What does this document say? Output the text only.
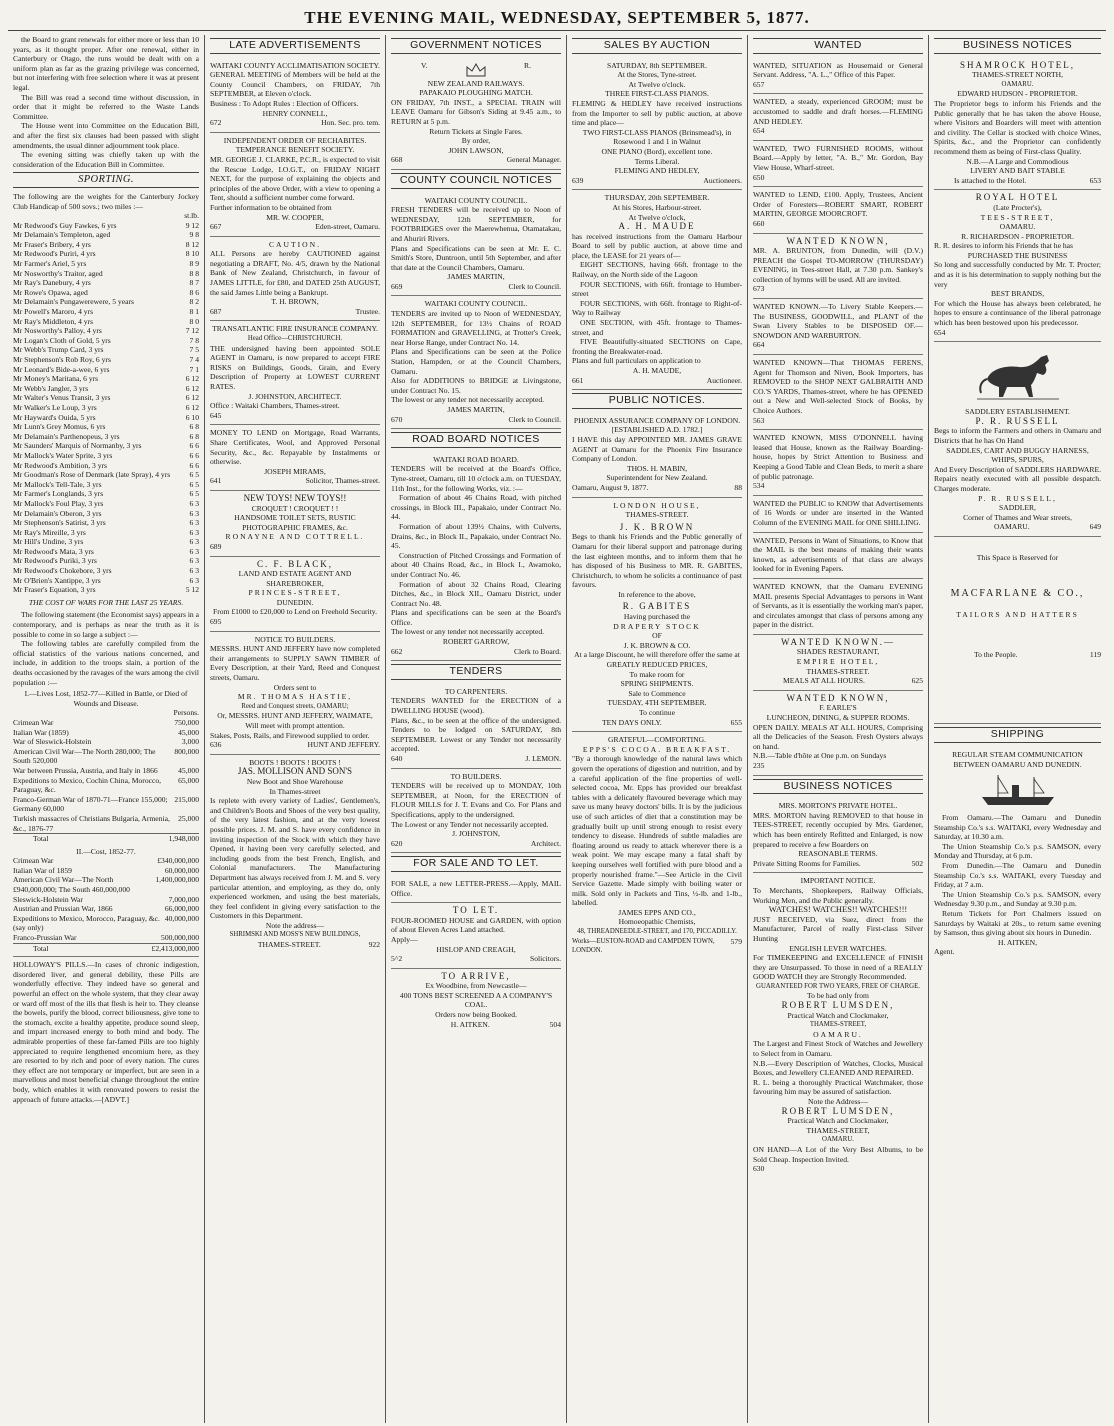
THE EVENING MAIL, WEDNESDAY, SEPTEMBER 5, 1877.

the Board to grant renewals for either more or less than 10 years, as it thought proper. After one renewal, either in Canterbury or Otago, the runs would be dealt with on a uniform plan as far as the grazing privilege was concerned, but not interfering with free selection where it was at present legal.

The Bill was read a second time without discussion, in order that it might be referred to the Waste Lands Committee.

The House went into Committee on the Education Bill, and after the first six clauses had been passed with slight amendments, the usual dinner adjournment took place.

The evening sitting was chiefly taken up with the consideration of the Education Bill in Committee.

SPORTING.

The following are the weights for the Canterbury Jockey Club Handicap of 500 sovs.; two miles :—

st.lb.
Mr Redwood's Guy Fawkes, 6 yrs	9 12
Mr Delamain's Templeton, aged	9 8
Mr Fraser's Bribery, 4 yrs	8 12
Mr Redwood's Puriri, 4 yrs	8 10
Mr Farmer's Ariel, 5 yrs	8 9
Mr Nosworthy's Traitor, aged	8 8
Mr Ray's Danebury, 4 yrs	8 7
Mr Rowe's Opawa, aged	8 6
Mr Delamain's Pungawerewere, 5 years	8 2
Mr Powell's Maroro, 4 yrs	8 1
Mr Ray's Middleton, 4 yrs	8 0
Mr Nosworthy's Palloy, 4 yrs	7 12
Mr Logan's Cloth of Gold, 5 yrs	7 8
Mr Webb's Trump Card, 3 yrs	7 5
Mr Stephenson's Rob Roy, 6 yrs	7 4
Mr Leonard's Bide-a-wee, 6 yrs	7 1
Mr Money's Maritana, 6 yrs	6 12
Mr Webb's Jangler, 3 yrs	6 12
Mr Walter's Venus Transit, 3 yrs	6 12
Mr Walker's Le Loup, 3 yrs	6 12
Mr Hayward's Ouida, 5 yrs	6 10
Mr Lunn's Grey Momus, 6 yrs	6 8
Mr Delamain's Parthenopeus, 3 yrs	6 8
Mr Saunders' Marquis of Normanby, 3 yrs	6 6
Mr Mallock's Water Sprite, 3 yrs	6 6
Mr Redwood's Ambition, 3 yrs	6 6
Mr Goodman's Rose of Denmark (late Spray), 4 yrs	6 5
Mr Mallock's Tell-Tale, 3 yrs	6 5
Mr Farmer's Longlands, 3 yrs	6 5
Mr Mallock's Foul Play, 3 yrs	6 3
Mr Delamain's Oberon, 3 yrs	6 3
Mr Stephenson's Satirist, 3 yrs	6 3
Mr Ray's Mireille, 3 yrs	6 3
Mr Hill's Undine, 3 yrs	6 3
Mr Redwood's Mata, 3 yrs	6 3
Mr Redwood's Puriki, 3 yrs	6 3
Mr Redwood's Chokebore, 3 yrs	6 3
Mr O'Brien's Xantippe, 3 yrs	6 3
Mr Fraser's Equation, 3 yrs	5 12
THE COST OF WARS FOR THE LAST 25 YEARS.

The following statement (the Economist says) appears in a contemporary, and is perhaps as near the truth as it is possible to come in so large a subject :—

The following tables are carefully compiled from the official statistics of the various nations concerned, and include, in addition to the troops slain, a portion of the deaths occasioned by the ravages of the wars among the civil population :—

I.—Lives Lost, 1852-77—Killed in Battle, or Died of Wounds and Disease.
Persons.
Crimean War	750,000
Italian War (1859)	45,000
War of Sleswick-Holstein	3,000
American Civil War—The North 280,000; The South 520,000
800,000
War between Prussia, Austria, and Italy in 1866	45,000
Expeditions to Mexico, Cochin China, Morocco, Paraguay, &c.
65,000
Franco-German War of 1870-71—France 155,000; Germany 60,000
215,000
Turkish massacres of Christians Bulgaria, Armenia, &c., 1876-77
25,000
Total	1,948,000
II.—Cost, 1852-77.
Crimean War	£340,000,000
Italian War of 1859	60,000,000
American Civil War—The North £940,000,000; The South 460,000,000
1,400,000,000
Sleswick-Holstein War	7,000,000
Austrian and Prussian War, 1866	66,000,000
Expeditions to Mexico, Morocco, Paraguay, &c. (say only)
40,000,000
Franco-Prussian War	500,000,000
Total	£2,413,000,000

HOLLOWAY'S PILLS.—In cases of chronic indigestion, disordered liver, and general debility, these Pills are wonderfully effective. They indeed have so general and powerful an effect on the whole system, that they clear away or ward off most of the ills that flesh is heir to. They cleanse the bowels, purify the blood, correct biliousness, give tone to the stomach, excite a healthy appetite, produce sound sleep, and impart increased energy to both mind and body. The admirable properties of these far-famed Pills are too highly appreciated to require lengthened encomium here, as they are resorted to by rich and poor of every nation. The cures they effect are not temporary or imperfect, but are seen in a marvellous and most beneficial change throughout the entire body, which enables it with renovated powers to resist the approach of future attacks.—[ADVT.]

LATE ADVERTISEMENTS

WAITAKI COUNTY ACCLIMATISATION SOCIETY.

GENERAL MEETING of Members will be held at the County Council Chambers, on FRIDAY, 7th SEPTEMBER, at Eleven o'clock.

Business : To Adopt Rules : Election of Officers.

HENRY CONNELL,

672	Hon. Sec. pro. tem.

INDEPENDENT ORDER OF RECHABITES.

TEMPERANCE BENEFIT SOCIETY.

MR. GEORGE J. CLARKE, P.C.R., is expected to visit the Rescue Lodge, I.O.G.T., on FRIDAY NIGHT NEXT, for the purpose of explaining the objects and principles of the above Order, with a view to opening a Tent, should a sufficient number come forward.

Further information to be obtained from

MR. W. COOPER,

667	Eden-street, Oamaru.

CAUTION.

ALL Persons are hereby CAUTIONED against negotiating a DRAFT, No. 4/5, drawn by the National Bank of New Zealand, Christchurch, in favour of JAMES LITTLE, for £80, and DATED 25th AUGUST, the said James Little being a Bankrupt.

T. H. BROWN,

687	Trustee.

TRANSATLANTIC FIRE INSURANCE COMPANY.

Head Office—CHRISTCHURCH.

THE undersigned having been appointed SOLE AGENT in Oamaru, is now prepared to accept FIRE RISKS on Buildings, Goods, Grain, and Every Description of Property at LOWEST CURRENT RATES.

J. JOHNSTON, ARCHITECT.

Office : Waitaki Chambers, Thames-street.

645

MONEY TO LEND on Mortgage, Road Warrants, Share Certificates, Wool, and Approved Personal Security, &c., &c. Repayable by Instalments or otherwise.

JOSEPH MIRAMS,

641	Solicitor, Thames-street.

NEW TOYS! NEW TOYS!!

CROQUET ! CROQUET ! !

HANDSOME TOILET SETS, RUSTIC PHOTOGRAPHIC FRAMES, &c.

RONAYNE AND COTTRELL.

689

C. F. BLACK,

LAND AND ESTATE AGENT AND SHAREBROKER,

PRINCES-STREET,

DUNEDIN.

From £1000 to £20,000 to Lend on Freehold Security.

695

NOTICE TO BUILDERS.

MESSRS. HUNT AND JEFFERY have now completed their arrangements to SUPPLY SAWN TIMBER of Every Description, at their Yard, Reed and Conquest streets, Oamaru.

Orders sent to

MR. THOMAS HASTIE,

Reed and Conquest streets, OAMARU;

Or, MESSRS. HUNT AND JEFFERY, WAIMATE,

Will meet with prompt attention.

Stakes, Posts, Rails, and Firewood supplied to order.

636	HUNT AND JEFFERY.

BOOTS ! BOOTS ! BOOTS !

JAS. MOLLISON AND SON'S

New Boot and Shoe Warehouse

In Thames-street

Is replete with every variety of Ladies', Gentlemen's, and Children's Boots and Shoes of the very best quality, of the very latest fashion, and at the very lowest possible prices. J. M. and S. have every confidence in inviting inspection of the Stock with which they have Opened, it having been very carefully selected, and including goods from the best French, English, and Colonial manufacturers. The Manufacturing Department has always received from J. M. and S. very particular attention, and employing, as they do, only experienced workmen, and using the best materials, they feel confident in giving every satisfaction to the Customers in this Department.

Note the address—

SHRIMSKI AND MOSS'S NEW BUILDINGS,

THAMES-STREET.	922
GOVERNMENT NOTICES
V.	R.

NEW ZEALAND RAILWAYS.

PAPAKAIO PLOUGHING MATCH.

ON FRIDAY, 7th INST., a SPECIAL TRAIN will LEAVE Oamaru for Gibson's Siding at 9.45 a.m., to RETURN at 5 p.m.

Return Tickets at Single Fares.

By order,

JOHN LAWSON,

668	General Manager.
COUNTY COUNCIL NOTICES

WAITAKI COUNTY COUNCIL.

FRESH TENDERS will be received up to Noon of WEDNESDAY, 12th SEPTEMBER, for FOOTBRIDGES over the Maerewhenua, Otamatakau, and Ahuriri Rivers.

Plans and Specifications can be seen at Mr. E. C. Smith's Store, Duntroon, until 5th September, and after that date at the Council Chambers, Oamaru.

JAMES MARTIN,

669	Clerk to Council.

WAITAKI COUNTY COUNCIL.

TENDERS are invited up to Noon of WEDNESDAY, 12th SEPTEMBER, for 13½ Chains of ROAD FORMATION and GRAVELLING, at Trotter's Creek, near Horse Range, under Contract No. 14.

Plans and Specifications can be seen at the Police Station, Hampden, or at the Council Chambers, Oamaru.

Also for ADDITIONS to BRIDGE at Livingstone, under Contract No. 15.

The lowest or any tender not necessarily accepted.

JAMES MARTIN,

670	Clerk to Council.
ROAD BOARD NOTICES

WAITAKI ROAD BOARD.

TENDERS will be received at the Board's Office, Tyne-street, Oamaru, till 10 o'clock a.m. on TUESDAY, 11th Inst., for the following Works, viz. :—

Formation of about 46 Chains Road, with pitched crossings, in Block III., Papakaio, under Contract No. 44.

Formation of about 139½ Chains, with Culverts, Drains, &c., in Block II., Papakaio, under Contract No. 45.

Construction of Pitched Crossings and Formation of about 40 Chains Road, &c., in Block I., Awamoko, under Contract No. 46.

Formation of about 32 Chains Road, Clearing Ditches, &c., in Block XII., Oamaru District, under Contract No. 48.

Plans and specifications can be seen at the Board's Office.

The lowest or any tender not necessarily accepted.

ROBERT GARROW,

662	Clerk to Board.
TENDERS

TO CARPENTERS.

TENDERS WANTED for the ERECTION of a DWELLING HOUSE (wood).

Plans, &c., to be seen at the office of the undersigned. Tenders to be lodged on SATURDAY, 8th SEPTEMBER. Lowest or any Tender not necessarily accepted.

640	J. LEMON.

TO BUILDERS.

TENDERS will be received up to MONDAY, 10th SEPTEMBER, at Noon, for the ERECTION of FLOUR MILLS for J. T. Evans and Co. For Plans and Specifications, apply to the undersigned.

The Lowest or any Tender not necessarily accepted.

J. JOHNSTON,

620	Architect.
FOR SALE AND TO LET.

FOR SALE, a new LETTER-PRESS.—Apply, MAIL Office.

TO LET.

FOUR-ROOMED HOUSE and GARDEN, with option of about Eleven Acres Land attached.

Apply—

HISLOP AND CREAGH,

5^2	Solicitors.

TO ARRIVE,

Ex Woodbine, from Newcastle—

400 TONS BEST SCREENED A A COMPANY'S COAL.

Orders now being Booked.

H. AITKEN.	504
SALES BY AUCTION

SATURDAY, 8th SEPTEMBER.

At the Stores, Tyne-street.

At Twelve o'clock.

THREE FIRST-CLASS PIANOS.

FLEMING & HEDLEY have received instructions from the Importer to sell by public auction, at above time and place—

TWO FIRST-CLASS PIANOS (Brinsmead's), in Rosewood 1 and 1 in Walnut

ONE PIANO (Bord), excellent tone.

Terms Liberal.

FLEMING AND HEDLEY,

639	Auctioneers.

THURSDAY, 20th SEPTEMBER.

At his Stores, Harbour-street.

At Twelve o'clock,

A. H. MAUDE

has received instructions from the Oamaru Harbour Board to sell by public auction, at above time and place, the LEASE for 21 years of—

EIGHT SECTIONS, having 66ft. frontage to the Railway, on the North side of the Lagoon

FOUR SECTIONS, with 66ft. frontage to Humber-street

FOUR SECTIONS, with 66ft. frontage to Right-of-Way to Railway

ONE SECTION, with 45ft. frontage to Thames-street, and

FIVE Beautifully-situated SECTIONS on Cape, fronting the Breakwater-road.

Plans and full particulars on application to

A. H. MAUDE,

661	Auctioneer.
PUBLIC NOTICES.

PHOENIX ASSURANCE COMPANY OF LONDON.

[ESTABLISHED A.D. 1782.]

I HAVE this day APPOINTED MR. JAMES GRAVE AGENT at Oamaru for the Phoenix Fire Insurance Company of London.

THOS. H. MABIN,

Superintendent for New Zealand.

Oamaru, August 9, 1877.	88

LONDON HOUSE,

THAMES-STREET.

J. K. BROWN

Begs to thank his Friends and the Public generally of Oamaru for their liberal support and patronage during the last eighteen months, and to inform them that he has disposed of his Business to MR. R. GABITES, Christchurch, to whom he solicits a continuance of past favours.

In reference to the above,

R. GABITES

Having purchased the

DRAPERY STOCK

OF

J. K. BROWN & CO.

At a large Discount, he will therefore offer the same at

GREATLY REDUCED PRICES,

To make room for

SPRING SHIPMENTS.

Sale to Commence

TUESDAY, 4TH SEPTEMBER.

To continue

TEN DAYS ONLY.	655

GRATEFUL—COMFORTING.

EPPS'S COCOA. BREAKFAST.

"By a thorough knowledge of the natural laws which govern the operations of digestion and nutrition, and by a careful application of the fine properties of well-selected cocoa, Mr. Epps has provided our breakfast tables with a delicately flavoured beverage which may save us many heavy doctors' bills. It is by the judicious use of such articles of diet that a constitution may be gradually built up until strong enough to resist every tendency to disease. Hundreds of subtle maladies are floating around us ready to attack wherever there is a weak point. We may escape many a fatal shaft by keeping ourselves well fortified with pure blood and a properly nourished frame."—See Article in the Civil Service Gazette. Made simply with boiling water or milk. Sold only in Packets and Tins, ½-lb. and 1-lb., labelled.

JAMES EPPS AND CO.,

Homoeopathic Chemists,

48, THREADNEEDLE-STREET, and 170, PICCADILLY.

Works—EUSTON-ROAD and CAMPDEN TOWN, LONDON.
579
WANTED

WANTED, SITUATION as Housemaid or General Servant. Address, "A. L.," Office of this Paper.

657

WANTED, a steady, experienced GROOM; must be accustomed to saddle and draft horses.—FLEMING AND HEDLEY.

654

WANTED, TWO FURNISHED ROOMS, without Board.—Apply by letter, "A. B.," Mr. Gordon, Bay View House, Wharf-street.

650

WANTED to LEND, £100. Apply, Trustees, Ancient Order of Foresters—ROBERT SMART, ROBERT MARTIN, GEORGE MOORCROFT.

660

WANTED KNOWN,

MR. A. BRUNTON, from Dunedin, will (D.V.) PREACH the Gospel TO-MORROW (THURSDAY) EVENING, in Tees-street Hall, at 7.30 p.m. Sankey's collection of hymns will be used. All are invited.

673

WANTED KNOWN.—To Livery Stable Keepers.—The BUSINESS, GOODWILL, and PLANT of the Swan Livery Stables to be DISPOSED OF.—SNOWDON AND WARBURTON.

664

WANTED KNOWN—That THOMAS FERENS, Agent for Thomson and Niven, Book Importers, has REMOVED to the SHOP NEXT GALBRAITH AND CO.'S YARDS, Thames-street, where he has OPENED out a New and Well-selected Stock of Books, by Choice Authors.

563

WANTED KNOWN, MISS O'DONNELL having leased that House, known as the Railway Boarding-house, hopes by Strict Attention to Business and Keeping a Good Table and Clean Beds, to merit a share of public patronage.

534

WANTED the PUBLIC to KNOW that Advertisements of 16 Words or under are inserted in the Wanted Column of the EVENING MAIL for ONE SHILLING.

WANTED, Persons in Want of Situations, to Know that the MAIL is the best means of making their wants known, as advertisements of that class are always looked for in Evening Papers.

WANTED KNOWN, that the Oamaru EVENING MAIL presents Special Advantages to persons in Want of Servants, as it is essentially the working man's paper, and circulates amongst that class of persons among any paper in the district.

WANTED KNOWN.—

SHADES RESTAURANT,

EMPIRE HOTEL,

THAMES-STREET.

MEALS AT ALL HOURS.	625

WANTED KNOWN,

F. EARLE'S

LUNCHEON, DINING, & SUPPER ROOMS.

OPEN DAILY. MEALS AT ALL HOURS, Comprising all the Delicacies of the Season. Fresh Oysters always on hand.

N.B.—Table d'hôte at One p.m. on Sundays

235

BUSINESS NOTICES

MRS. MORTON'S PRIVATE HOTEL.

MRS. MORTON having REMOVED to that house in TEES-STREET, recently occupied by Mrs. Gardener, which has been entirely Refitted and Enlarged, is now prepared to receive a few Boarders on

REASONABLE TERMS.

Private Sitting Rooms for Families.	502

IMPORTANT NOTICE.

To Merchants, Shopkeepers, Railway Officials, Working Men, and the Public generally.

WATCHES! WATCHES!! WATCHES!!!

JUST RECEIVED, via Suez, direct from the Manufacturer, Parcel of really First-class Silver Hunting

ENGLISH LEVER WATCHES.

For TIMEKEEPING and EXCELLENCE of FINISH they are Unsurpassed. To those in need of a REALLY GOOD WATCH they are Strongly Recommended.

GUARANTEED FOR TWO YEARS, FREE OF CHARGE.

To be had only from

ROBERT LUMSDEN,

Practical Watch and Clockmaker,

THAMES-STREET,

OAMARU.

The Largest and Finest Stock of Watches and Jewellery to Select from in Oamaru.

N.B.—Every Description of Watches, Clocks, Musical Boxes, and Jewellery CLEANED AND REPAIRED.

R. L. being a thoroughly Practical Watchmaker, those favouring him may be assured of satisfaction.

Note the Address—

ROBERT LUMSDEN,

Practical Watch and Clockmaker,

THAMES-STREET,

OAMARU.

ON HAND—A Lot of the Very Best Albums, to be Sold Cheap. Inspection Invited.

630

BUSINESS NOTICES

SHAMROCK HOTEL,

THAMES-STREET NORTH,

OAMARU.

EDWARD HUDSON - PROPRIETOR.

The Proprietor begs to inform his Friends and the Public generally that he has taken the above House, where Visitors and Boarders will meet with attention and civility. The Cellar is stocked with choice Wines, Spirits, &c., and the Proprietor can confidently recommend them as being of First-class Quality.

N.B.—A Large and Commodious

LIVERY AND BAIT STABLE

Is attached to the Hotel.	653

ROYAL HOTEL

(Late Procter's),

TEES-STREET,

OAMARU.

R. RICHARDSON - PROPRIETOR.

R. R. desires to inform his Friends that he has

PURCHASED THE BUSINESS

So long and successfully conducted by Mr. T. Procter; and as it is his determination to supply nothing but the very

BEST BRANDS,

For which the House has always been celebrated, he hopes to ensure a continuance of the liberal patronage which has been bestowed upon his predecessor.

654

SADDLERY ESTABLISHMENT.

P. R. RUSSELL

Begs to inform the Farmers and others in Oamaru and Districts that he has On Hand

SADDLES, CART AND BUGGY HARNESS, WHIPS, SPURS,

And Every Description of SADDLERS HARDWARE. Repairs neatly executed with all possible despatch. Charges moderate.

P. R. RUSSELL,

SADDLER,

Corner of Thames and Wear streets,

OAMARU.	649

This Space is Reserved for

MACFARLANE & CO.,

TAILORS AND HATTERS

To the People.	119
SHIPPING

REGULAR STEAM COMMUNICATION BETWEEN OAMARU AND DUNEDIN.

From Oamaru.—The Oamaru and Dunedin Steamship Co.'s s.s. WAITAKI, every Wednesday and Saturday, at 10.30 a.m.

The Union Steamship Co.'s p.s. SAMSON, every Monday and Thursday, at 6 p.m.

From Dunedin.—The Oamaru and Dunedin Steamship Co.'s s.s. WAITAKI, every Tuesday and Friday, at 7 a.m.

The Union Steamship Co.'s p.s. SAMSON, every Wednesday 9.30 p.m., and Sunday at 9.30 p.m.

Return Tickets for Port Chalmers issued on Saturdays by Waitaki at 20s., to return same evening by Samson, thus giving about six hours in Dunedin.

H. AITKEN,

Agent.
